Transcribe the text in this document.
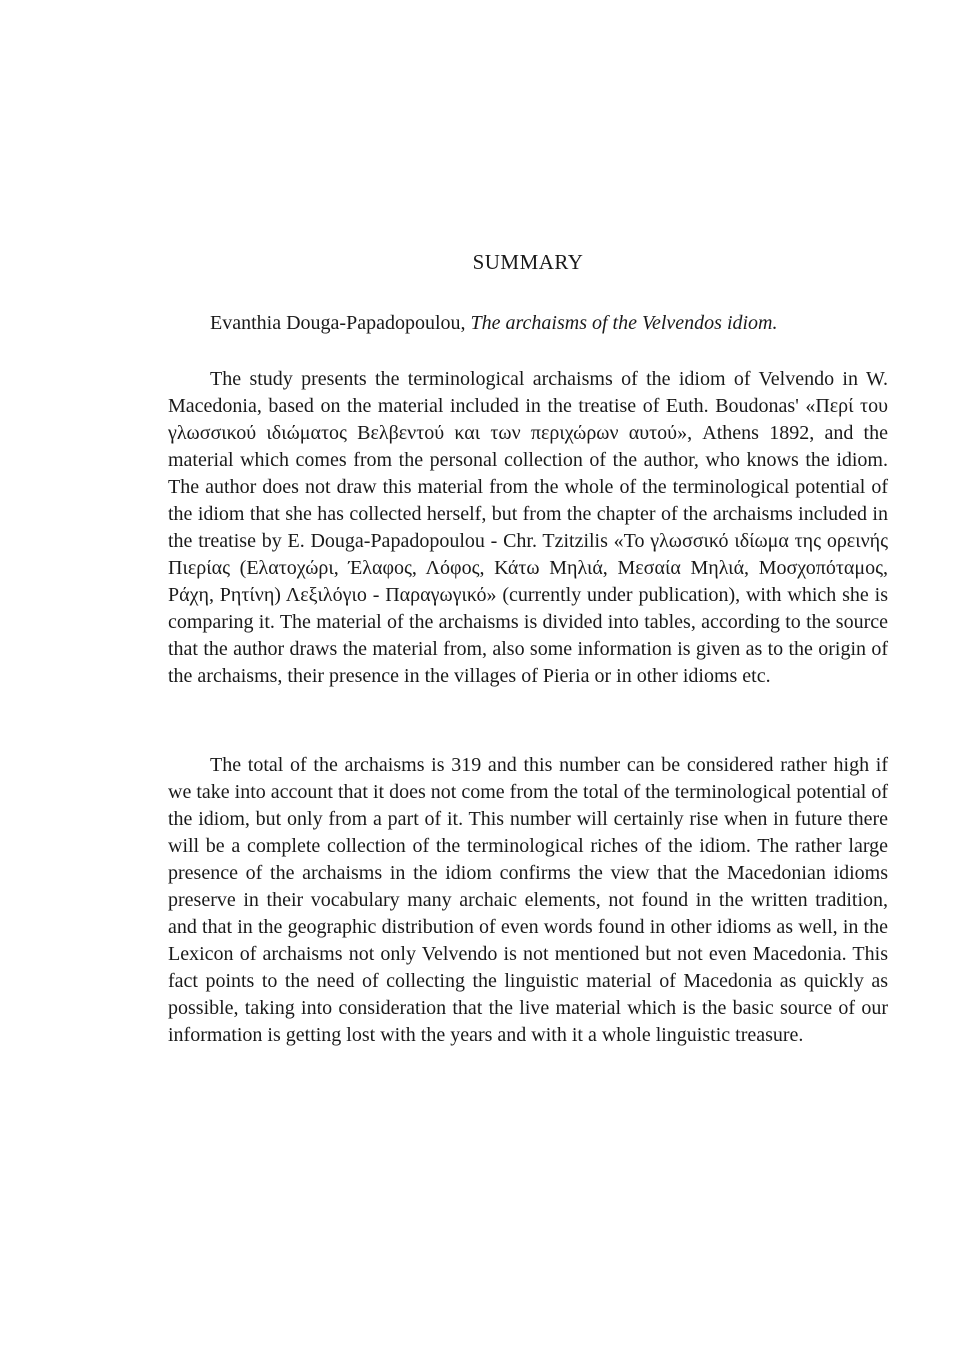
SUMMARY
Evanthia Douga-Papadopoulou, The archaisms of the Velvendos idiom.

The study presents the terminological archaisms of the idiom of Velvendo in W. Macedonia, based on the material included in the treatise of Euth. Boudonas' «Περί του γλωσσικού ιδιώματος Βελβεντού και των περιχώρων αυτού», Athens 1892, and the material which comes from the personal collection of the author, who knows the idiom. The author does not draw this material from the whole of the terminological potential of the idiom that she has collected herself, but from the chapter of the archaisms included in the treatise by E. Douga-Papadopoulou - Chr. Tzitzilis «Το γλωσσικό ιδίωμα της ορεινής Πιερίας (Ελατοχώρι, Έλαφος, Λόφος, Κάτω Μηλιά, Μεσαία Μηλιά, Μοσχοπόταμος, Ράχη, Ρητίνη) Λεξιλόγιο - Παραγωγικό» (currently under publication), with which she is comparing it. The material of the archaisms is divided into tables, according to the source that the author draws the material from, also some information is given as to the origin of the archaisms, their presence in the villages of Pieria or in other idioms etc.

The total of the archaisms is 319 and this number can be considered rather high if we take into account that it does not come from the total of the terminological potential of the idiom, but only from a part of it. This number will certainly rise when in future there will be a complete collection of the terminological riches of the idiom. The rather large presence of the archaisms in the idiom confirms the view that the Macedonian idioms preserve in their vocabulary many archaic elements, not found in the written tradition, and that in the geographic distribution of even words found in other idioms as well, in the Lexicon of archaisms not only Velvendo is not mentioned but not even Macedonia. This fact points to the need of collecting the linguistic material of Macedonia as quickly as possible, taking into consideration that the live material which is the basic source of our information is getting lost with the years and with it a whole linguistic treasure.
